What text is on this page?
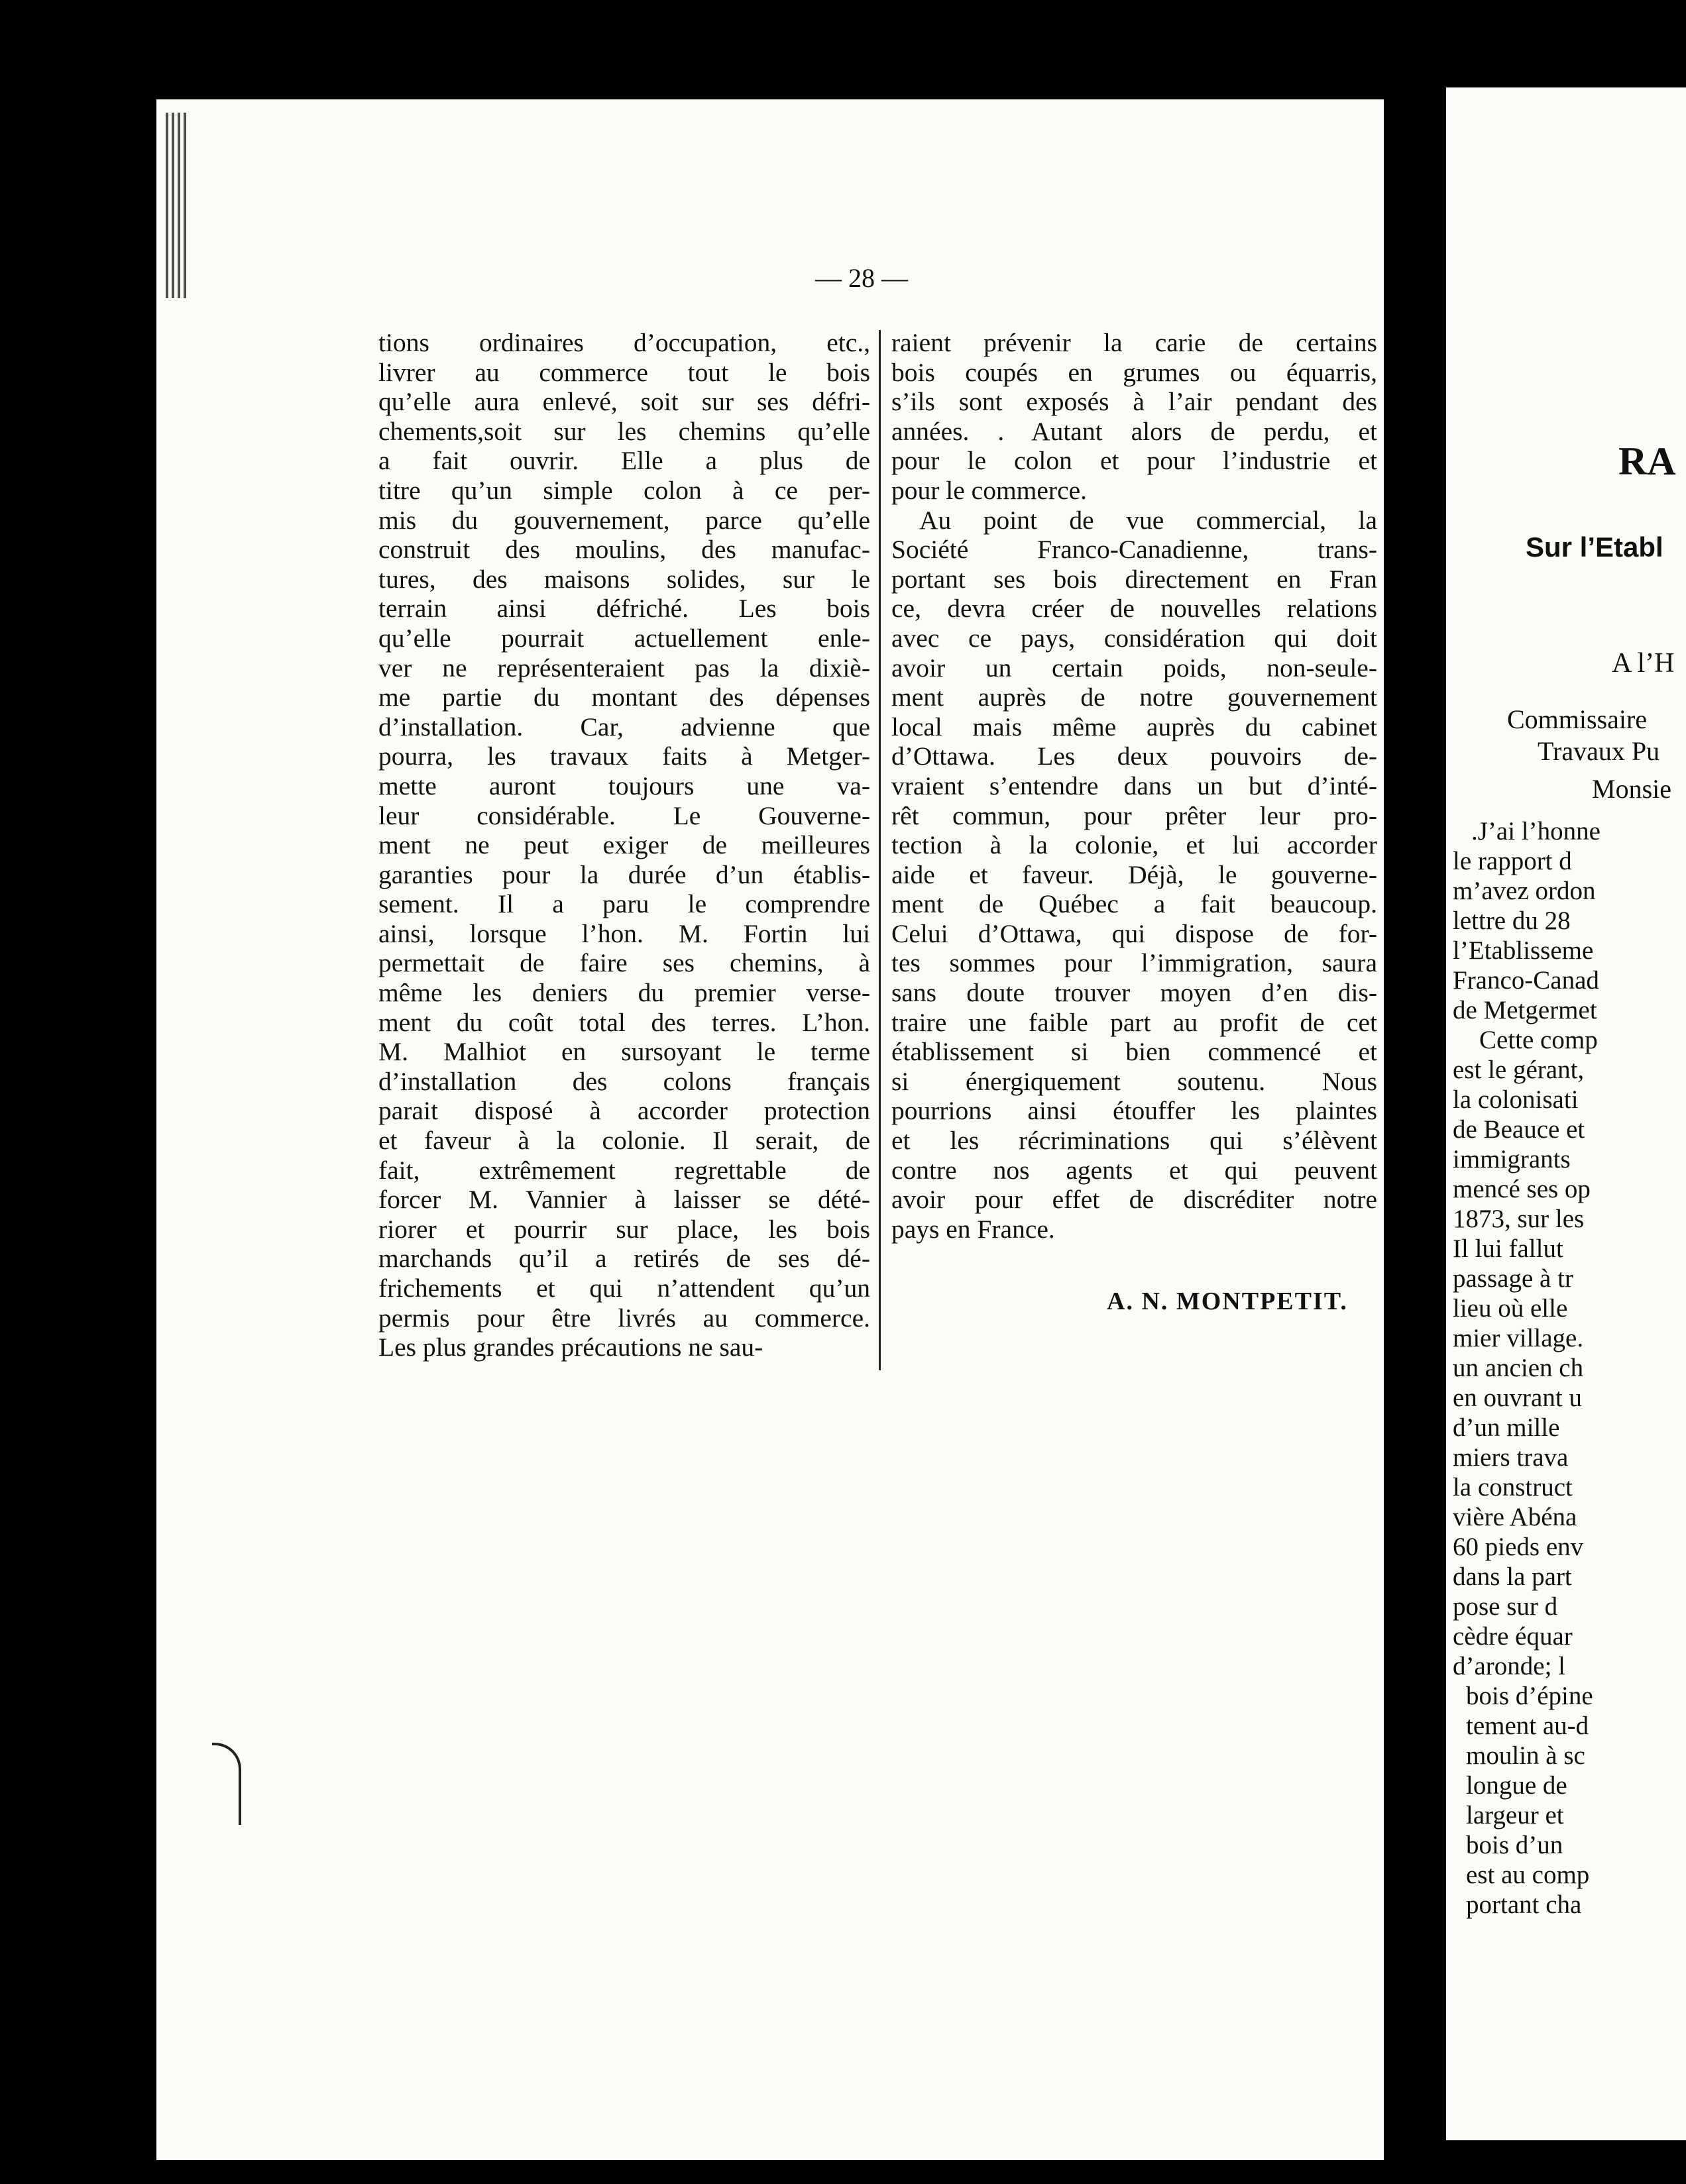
— 28 —
tions ordinaires d’occupation, etc.,
livrer au commerce tout le bois
qu’elle aura enlevé, soit sur ses défri-
chements,soit sur les chemins qu’elle
a fait ouvrir. Elle a plus de
titre qu’un simple colon à ce per-
mis du gouvernement, parce qu’elle
construit des moulins, des manufac-
tures, des maisons solides, sur le
terrain ainsi défriché. Les bois
qu’elle pourrait actuellement enle-
ver ne représenteraient pas la dixiè-
me partie du montant des dépenses
d’installation. Car, advienne que
pourra, les travaux faits à Metger-
mette auront toujours une va-
leur considérable. Le Gouverne-
ment ne peut exiger de meilleures
garanties pour la durée d’un établis-
sement. Il a paru le comprendre
ainsi, lorsque l’hon. M. Fortin lui
permettait de faire ses chemins, à
même les deniers du premier verse-
ment du coût total des terres. L’hon.
M. Malhiot en sursoyant le terme
d’installation des colons français
parait disposé à accorder protection
et faveur à la colonie. Il serait, de
fait, extrêmement regrettable de
forcer M. Vannier à laisser se dété-
riorer et pourrir sur place, les bois
marchands qu’il a retirés de ses dé-
frichements et qui n’attendent qu’un
permis pour être livrés au commerce.
Les plus grandes précautions ne sau-
raient prévenir la carie de certains
bois coupés en grumes ou équarris,
s’ils sont exposés à l’air pendant des
années. . Autant alors de perdu, et
pour le colon et pour l’industrie et
pour le commerce.
Au point de vue commercial, la
Société Franco-Canadienne, trans-
portant ses bois directement en Fran
ce, devra créer de nouvelles relations
avec ce pays, considération qui doit
avoir un certain poids, non-seule-
ment auprès de notre gouvernement
local mais même auprès du cabinet
d’Ottawa. Les deux pouvoirs de-
vraient s’entendre dans un but d’inté-
rêt commun, pour prêter leur pro-
tection à la colonie, et lui accorder
aide et faveur. Déjà, le gouverne-
ment de Québec a fait beaucoup.
Celui d’Ottawa, qui dispose de for-
tes sommes pour l’immigration, saura
sans doute trouver moyen d’en dis-
traire une faible part au profit de cet
établissement si bien commencé et
si énergiquement soutenu. Nous
pourrions ainsi étouffer les plaintes
et les récriminations qui s’élèvent
contre nos agents et qui peuvent
avoir pour effet de discréditer notre
pays en France.
A. N. MONTPETIT.
RA
Sur l’Etabl
A l’H
Commissaire
Travaux Pu
Monsie
.J’ai l’honne
le rapport d
m’avez ordon
lettre du 28
l’Etablisseme
Franco-Canad
de Metgermet
Cette comp
est le gérant,
la colonisati
de Beauce et
immigrants
mencé ses op
1873, sur les
Il lui fallut
passage à tr
lieu où elle
mier village.
un ancien ch
en ouvrant u
d’un mille
miers trava
la construct
vière Abéna
60 pieds env
dans la part
pose sur d
cèdre équar
d’aronde; l
bois d’épine
tement au-d
moulin à sc
longue de
largeur et
bois d’un
est au comp
portant cha
